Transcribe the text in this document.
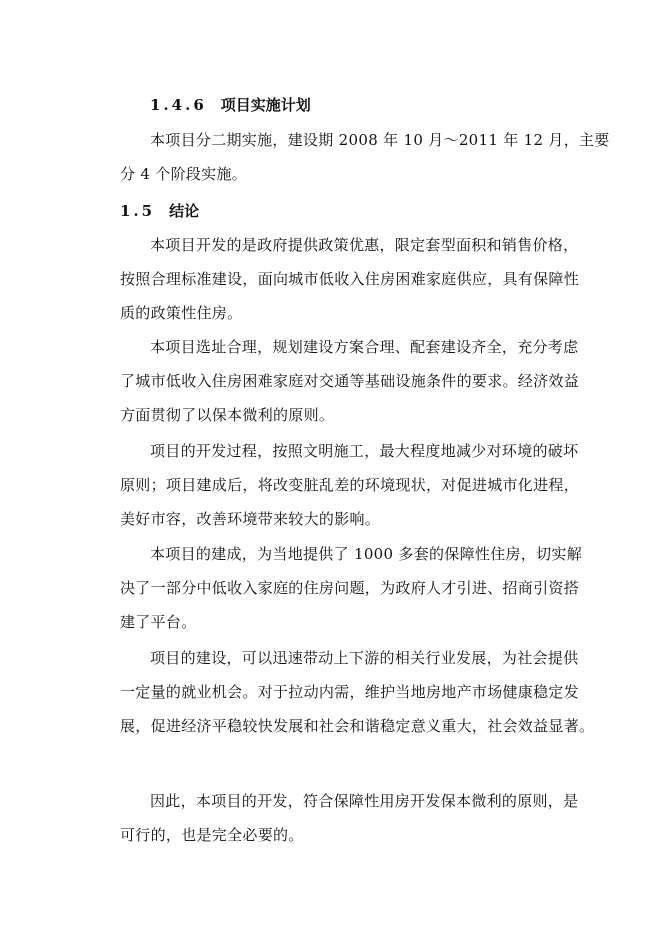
1.4.6 项目实施计划
本项目分二期实施，建设期 2008 年 10 月～2011 年 12 月，主要
分 4 个阶段实施。
1.5 结论
本项目开发的是政府提供政策优惠，限定套型面积和销售价格，
按照合理标准建设，面向城市低收入住房困难家庭供应，具有保障性
质的政策性住房。
本项目选址合理，规划建设方案合理、配套建设齐全，充分考虑
了城市低收入住房困难家庭对交通等基础设施条件的要求。经济效益
方面贯彻了以保本微利的原则。
项目的开发过程，按照文明施工，最大程度地减少对环境的破坏
原则；项目建成后，将改变脏乱差的环境现状，对促进城市化进程，
美好市容，改善环境带来较大的影响。
本项目的建成，为当地提供了 1000 多套的保障性住房，切实解
决了一部分中低收入家庭的住房问题，为政府人才引进、招商引资搭
建了平台。
项目的建设，可以迅速带动上下游的相关行业发展，为社会提供
一定量的就业机会。对于拉动内需，维护当地房地产市场健康稳定发
展，促进经济平稳较快发展和社会和谐稳定意义重大，社会效益显著。
因此，本项目的开发，符合保障性用房开发保本微利的原则，是
可行的，也是完全必要的。
